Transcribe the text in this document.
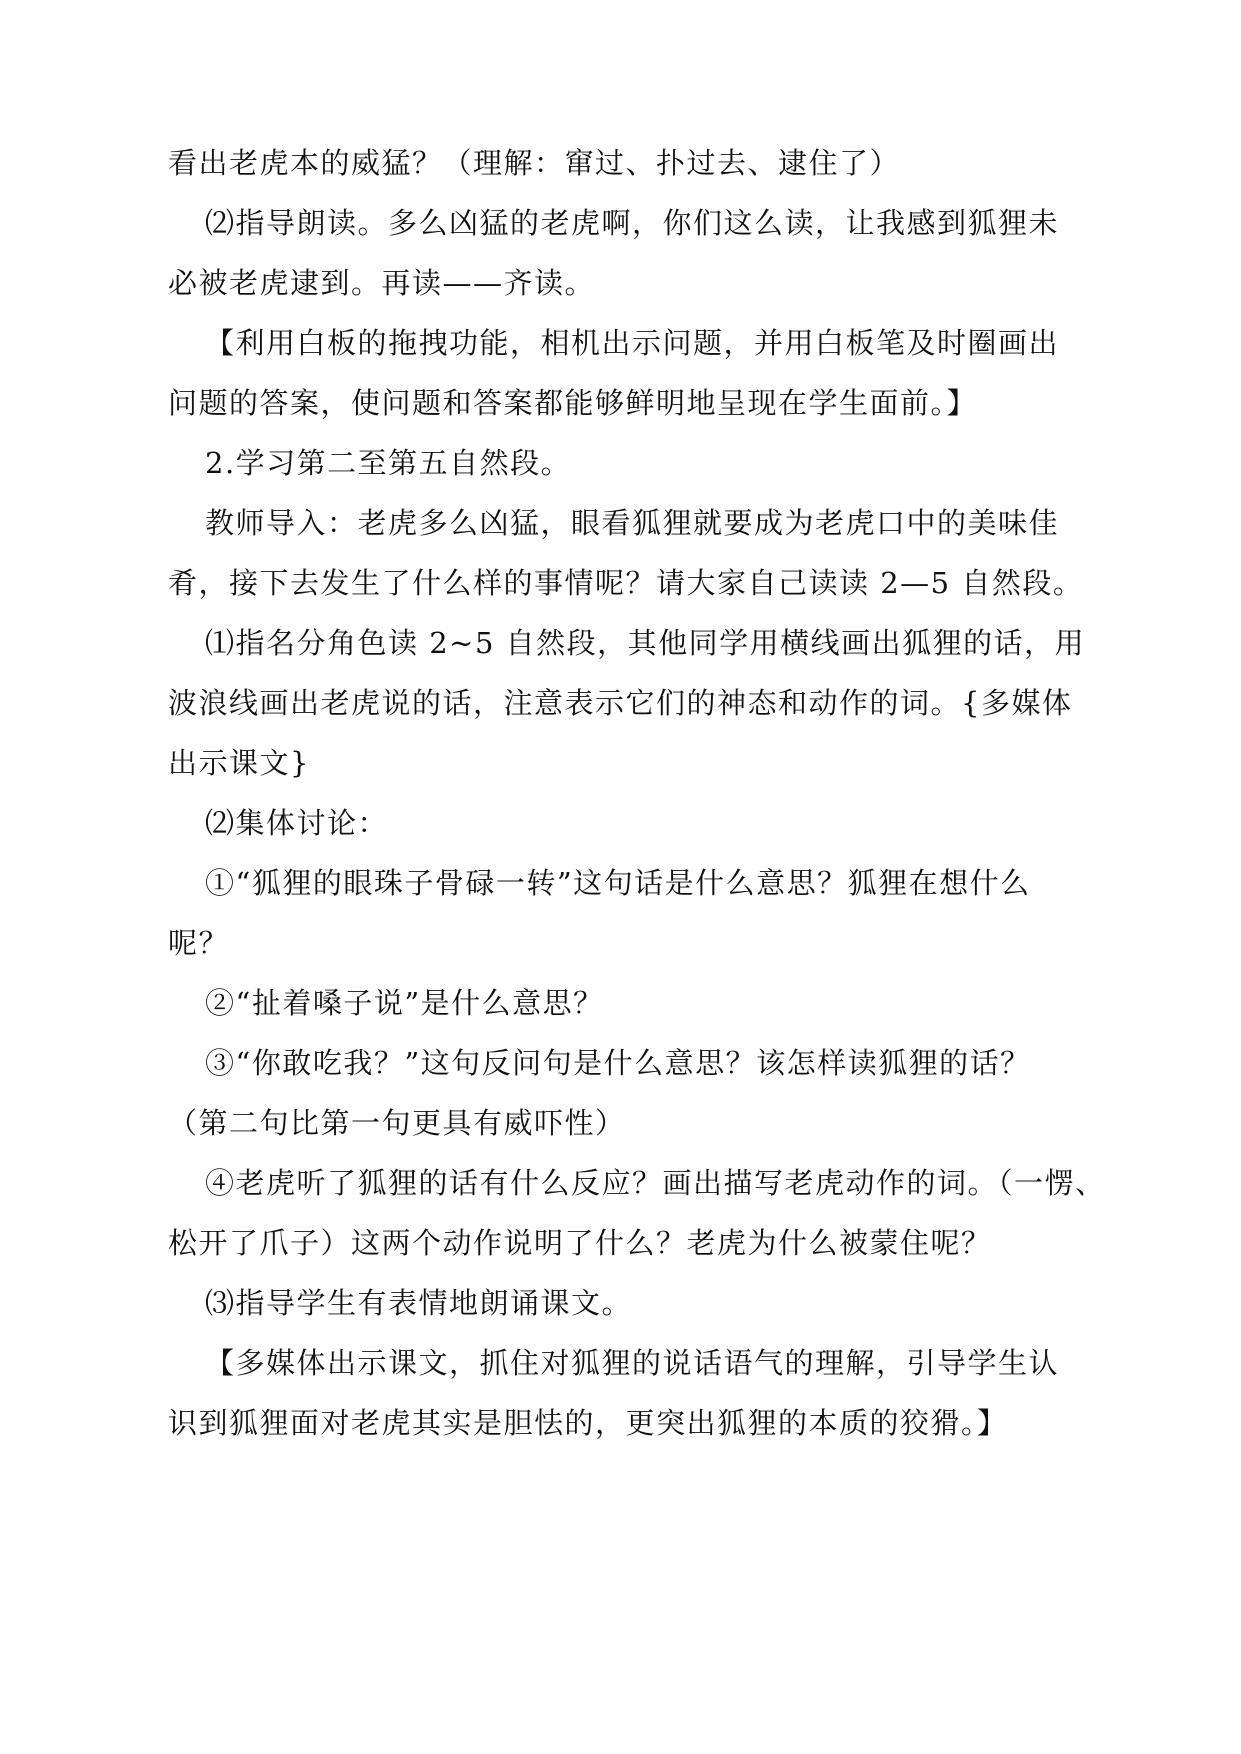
看出老虎本的威猛？（理解：窜过、扑过去、逮住了）
⑵指导朗读。多么凶猛的老虎啊，你们这么读，让我感到狐狸未
必被老虎逮到。再读——齐读。
【利用白板的拖拽功能，相机出示问题，并用白板笔及时圈画出
问题的答案，使问题和答案都能够鲜明地呈现在学生面前。】
2.学习第二至第五自然段。
教师导入：老虎多么凶猛，眼看狐狸就要成为老虎口中的美味佳
肴，接下去发生了什么样的事情呢？请大家自己读读 2—5 自然段。
⑴指名分角色读 2~5 自然段，其他同学用横线画出狐狸的话，用
波浪线画出老虎说的话，注意表示它们的神态和动作的词。{多媒体
出示课文}
⑵集体讨论：
①“狐狸的眼珠子骨碌一转”这句话是什么意思？狐狸在想什么
呢？
②“扯着嗓子说”是什么意思？
③“你敢吃我？”这句反问句是什么意思？该怎样读狐狸的话？
（第二句比第一句更具有威吓性）
④老虎听了狐狸的话有什么反应？画出描写老虎动作的词。（一愣、
松开了爪子）这两个动作说明了什么？老虎为什么被蒙住呢？
⑶指导学生有表情地朗诵课文。
【多媒体出示课文，抓住对狐狸的说话语气的理解，引导学生认
识到狐狸面对老虎其实是胆怯的，更突出狐狸的本质的狡猾。】
